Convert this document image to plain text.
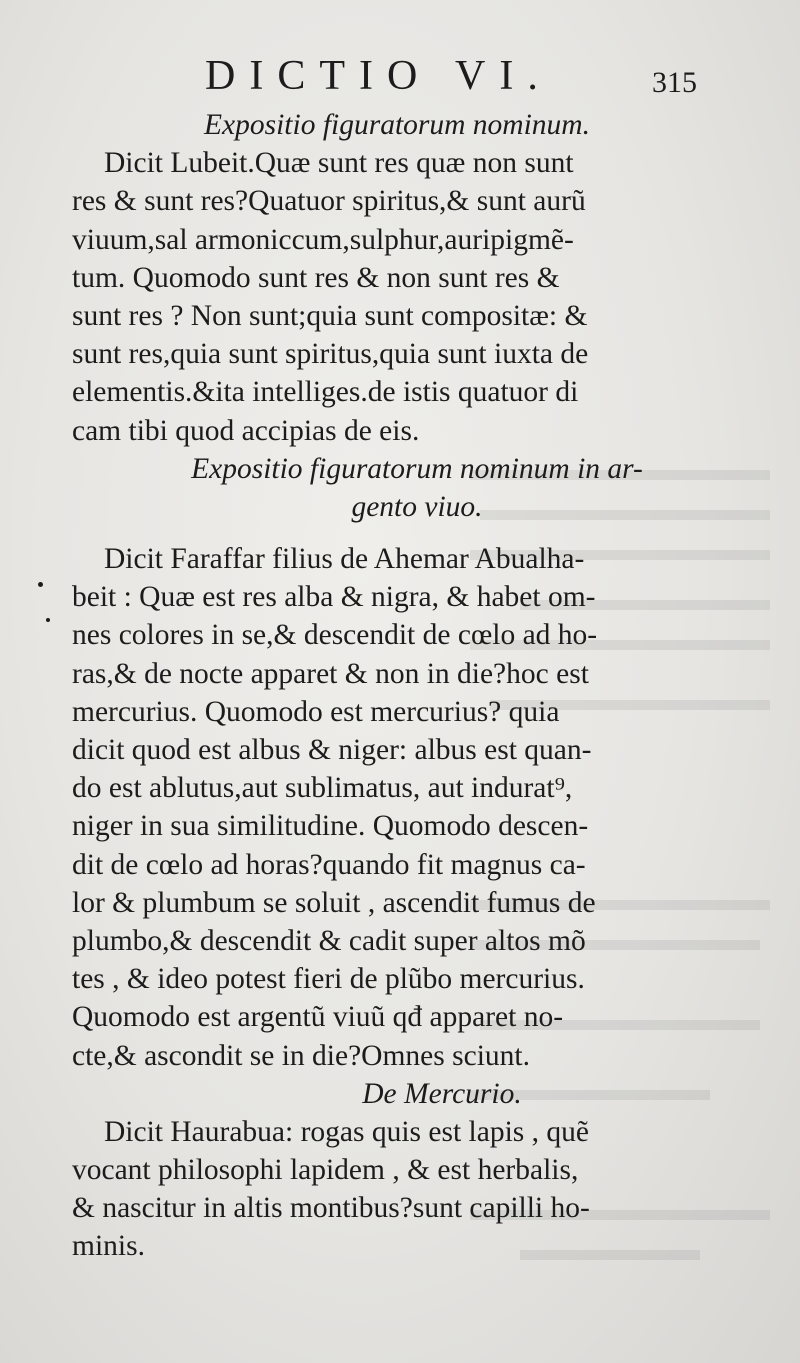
DICTIO VI.	315
Expositio figuratorum nominum.
Dicit Lubeit.Quæ sunt res quæ non sunt
res & sunt res?Quatuor spiritus,& sunt aurũ
viuum,sal armoniccum,sulphur,auripigmẽ-
tum. Quomodo sunt res & non sunt res &
sunt res ? Non sunt;quia sunt compositæ: &
sunt res,quia sunt spiritus,quia sunt iuxta de
elementis.&ita intelliges.de istis quatuor di
cam tibi quod accipias de eis.
Expositio figuratorum nominum in ar-
gento viuo.
Dicit Faraffar filius de Ahemar Abualha-
beit : Quæ est res alba & nigra, & habet om-
nes colores in se,& descendit de cœlo ad ho-
ras,& de nocte apparet & non in die?hoc est
mercurius. Quomodo est mercurius? quia
dicit quod est albus & niger: albus est quan-
do est ablutus,aut sublimatus, aut indurat⁹,
niger in sua similitudine. Quomodo descen-
dit de cœlo ad horas?quando fit magnus ca-
lor & plumbum se soluit , ascendit fumus de
plumbo,& descendit & cadit super altos mõ
tes , & ideo potest fieri de plũbo mercurius.
Quomodo est argentũ viuũ qđ apparet no-
cte,& ascondit se in die?Omnes sciunt.
De Mercurio.
Dicit Haurabua: rogas quis est lapis , quẽ
vocant philosophi lapidem , & est herbalis,
& nascitur in altis montibus?sunt capilli ho-
minis.
